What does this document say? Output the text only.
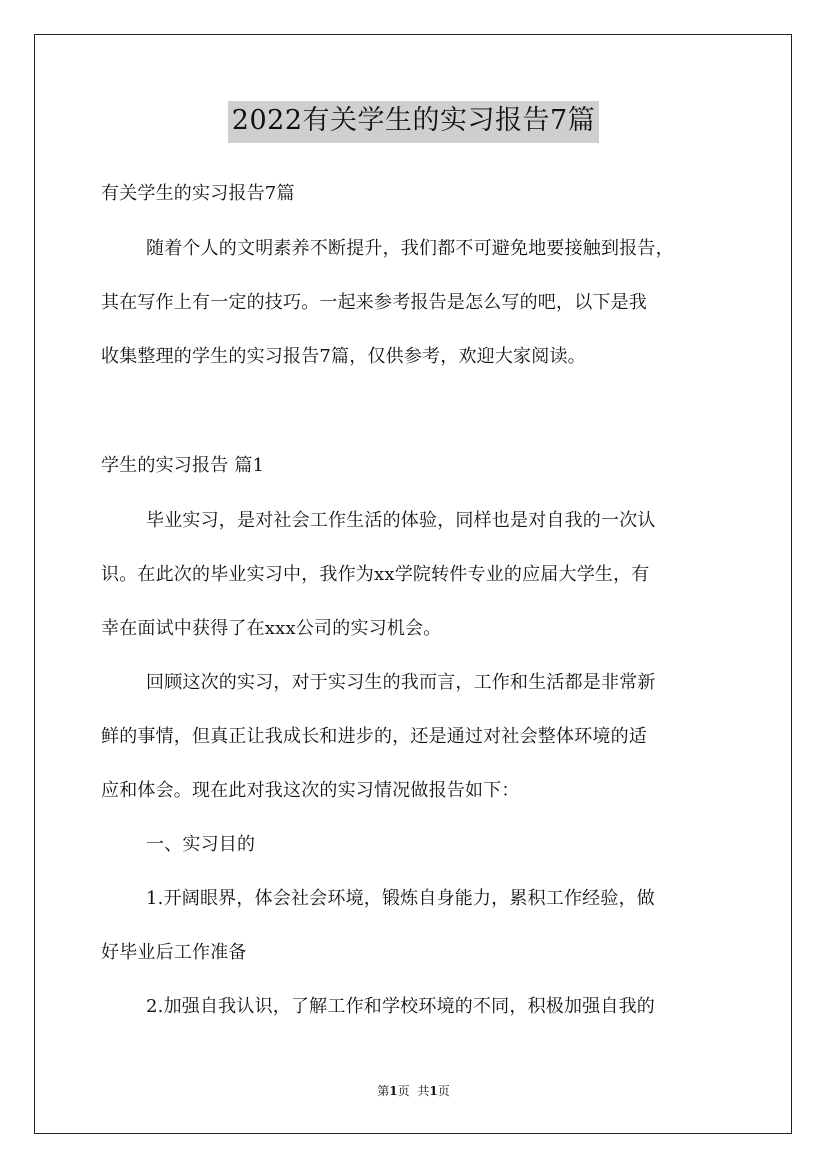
2022有关学生的实习报告7篇
有关学生的实习报告7篇
随着个人的文明素养不断提升，我们都不可避免地要接触到报告，
其在写作上有一定的技巧。一起来参考报告是怎么写的吧，以下是我
收集整理的学生的实习报告7篇，仅供参考，欢迎大家阅读。
学生的实习报告 篇1
毕业实习，是对社会工作生活的体验，同样也是对自我的一次认
识。在此次的毕业实习中，我作为xx学院转件专业的应届大学生，有
幸在面试中获得了在xxx公司的实习机会。
回顾这次的实习，对于实习生的我而言，工作和生活都是非常新
鲜的事情，但真正让我成长和进步的，还是通过对社会整体环境的适
应和体会。现在此对我这次的实习情况做报告如下：
一、实习目的
1.开阔眼界，体会社会环境，锻炼自身能力，累积工作经验，做
好毕业后工作准备
2.加强自我认识，了解工作和学校环境的不同，积极加强自我的
第1页 共1页
